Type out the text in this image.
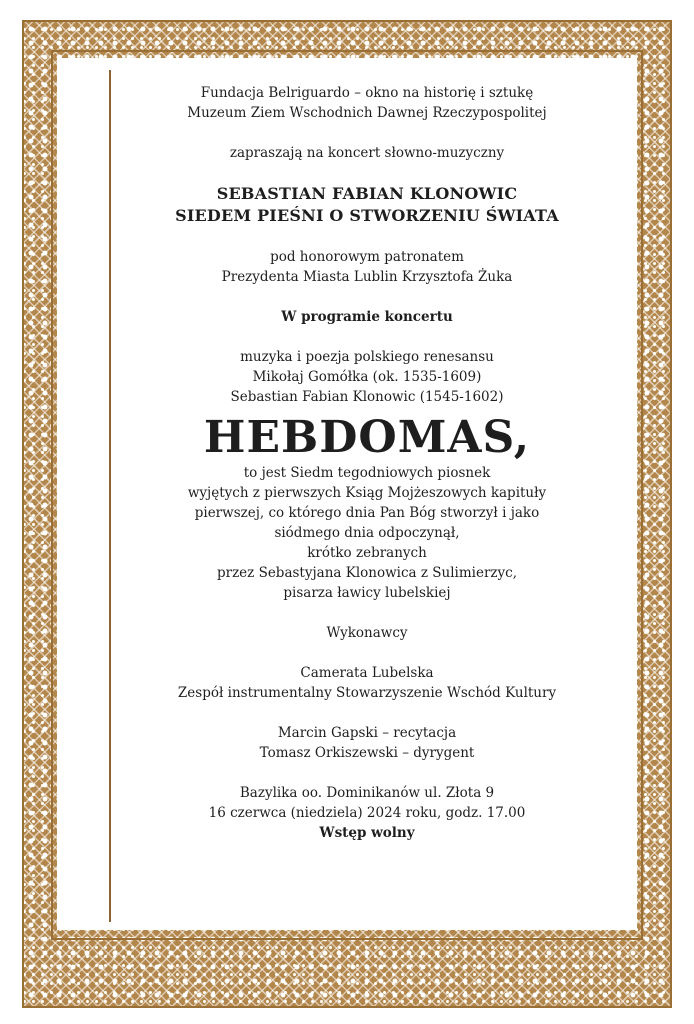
Fundacja Belriguardo – okno na historię i sztukę

Muzeum Ziem Wschodnich Dawnej Rzeczypospolitej

zapraszają na koncert słowno-muzyczny

SEBASTIAN FABIAN KLONOWIC

SIEDEM PIEŚNI O STWORZENIU ŚWIATA

pod honorowym patronatem

Prezydenta Miasta Lublin Krzysztofa Żuka

W programie koncertu

muzyka i poezja polskiego renesansu

Mikołaj Gomółka (ok. 1535-1609)

Sebastian Fabian Klonowic (1545-1602)

HEBDOMAS,

to jest Siedm tegodniowych piosnek

wyjętych z pierwszych Ksiąg Mojżeszowych kapituły

pierwszej, co którego dnia Pan Bóg stworzył i jako

siódmego dnia odpoczynął,

krótko zebranych

przez Sebastyjana Klonowica z Sulimierzyc,

pisarza ławicy lubelskiej

Wykonawcy

Camerata Lubelska

Zespół instrumentalny Stowarzyszenie Wschód Kultury

Marcin Gapski – recytacja

Tomasz Orkiszewski – dyrygent

Bazylika oo. Dominikanów ul. Złota 9

16 czerwca (niedziela) 2024 roku, godz. 17.00

Wstęp wolny
